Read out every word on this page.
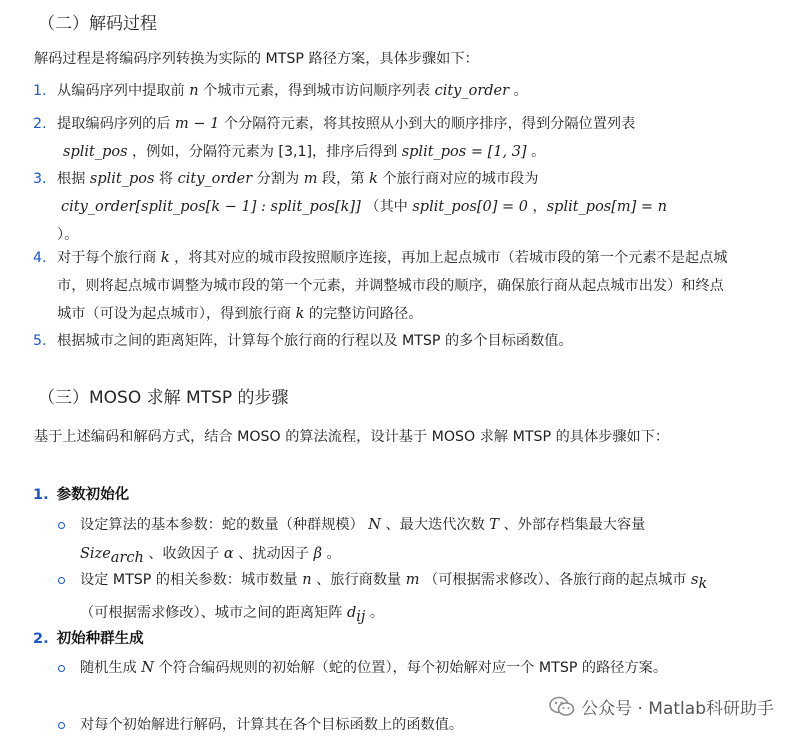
（二）解码过程
解码过程是将编码序列转换为实际的 MTSP 路径方案，具体步骤如下：
1. 从编码序列中提取前 n 个城市元素，得到城市访问顺序列表 city_order 。
2. 提取编码序列的后 m − 1 个分隔符元素，将其按照从小到大的顺序排序，得到分隔位置列表
split_pos ，例如，分隔符元素为 [3,1]，排序后得到 split_pos = [1, 3] 。
3. 根据 split_pos 将 city_order 分割为 m 段，第 k 个旅行商对应的城市段为
city_order[split_pos[k − 1] : split_pos[k]] （其中 split_pos[0] = 0 ，split_pos[m] = n
）。
4. 对于每个旅行商 k ，将其对应的城市段按照顺序连接，再加上起点城市（若城市段的第一个元素不是起点城市，则将起点城市调整为城市段的第一个元素，并调整城市段的顺序，确保旅行商从起点城市出发）和终点城市（可设为起点城市），得到旅行商 k 的完整访问路径。
5. 根据城市之间的距离矩阵，计算每个旅行商的行程以及 MTSP 的多个目标函数值。
（三）MOSO 求解 MTSP 的步骤
基于上述编码和解码方式，结合 MOSO 的算法流程，设计基于 MOSO 求解 MTSP 的具体步骤如下：
1. 参数初始化
设定算法的基本参数：蛇的数量（种群规模） N 、最大迭代次数 T 、外部存档集最大容量
Size$_{arch}$ 、收敛因子 α 、扰动因子 β 。
设定 MTSP 的相关参数：城市数量 n 、旅行商数量 m （可根据需求修改）、各旅行商的起点城市 $s_k$ （可根据需求修改）、城市之间的距离矩阵 $d_{ij}$ 。
2. 初始种群生成
随机生成 N 个符合编码规则的初始解（蛇的位置），每个初始解对应一个 MTSP 的路径方案。
对每个初始解进行解码，计算其在各个目标函数上的函数值。
公众号 · Matlab科研助手
